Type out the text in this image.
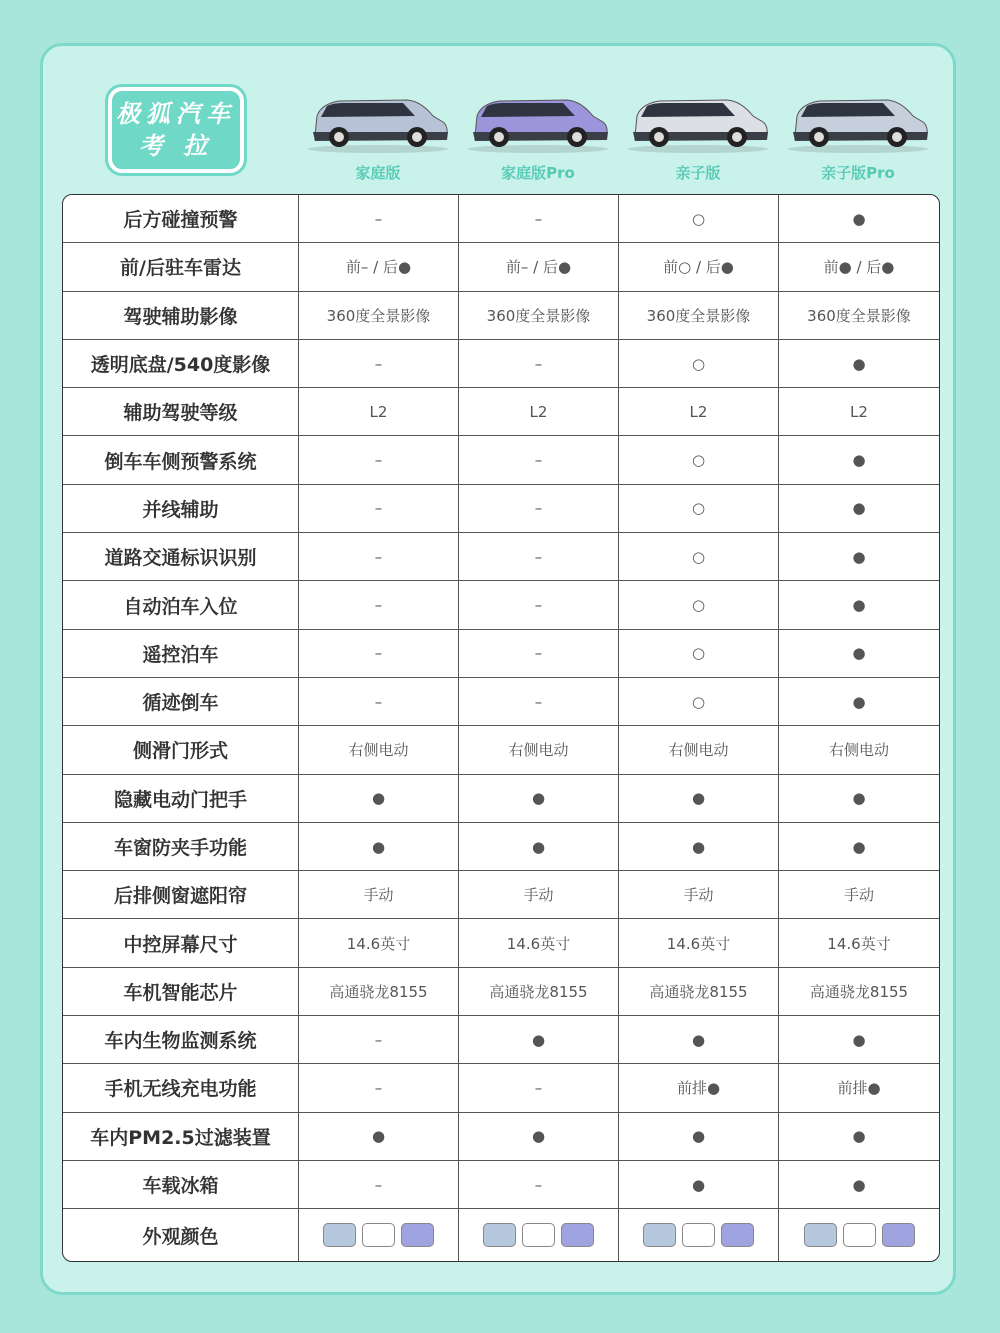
极狐汽车
考 拉
家庭版	家庭版Pro	亲子版	亲子版Pro
后方碰撞预警	–	–	○	●
前/后驻车雷达	前– / 后●	前– / 后●	前○ / 后●	前● / 后●
驾驶辅助影像	360度全景影像	360度全景影像	360度全景影像	360度全景影像
透明底盘/540度影像	–	–	○	●
辅助驾驶等级	L2	L2	L2	L2
倒车车侧预警系统	–	–	○	●
并线辅助	–	–	○	●
道路交通标识识别	–	–	○	●
自动泊车入位	–	–	○	●
遥控泊车	–	–	○	●
循迹倒车	–	–	○	●
侧滑门形式	右侧电动	右侧电动	右侧电动	右侧电动
隐藏电动门把手	●	●	●	●
车窗防夹手功能	●	●	●	●
后排侧窗遮阳帘	手动	手动	手动	手动
中控屏幕尺寸	14.6英寸	14.6英寸	14.6英寸	14.6英寸
车机智能芯片	高通骁龙8155	高通骁龙8155	高通骁龙8155	高通骁龙8155
车内生物监测系统	–	●	●	●
手机无线充电功能	–	–	前排●	前排●
车内PM2.5过滤装置	●	●	●	●
车载冰箱	–	–	●	●
外观颜色	
